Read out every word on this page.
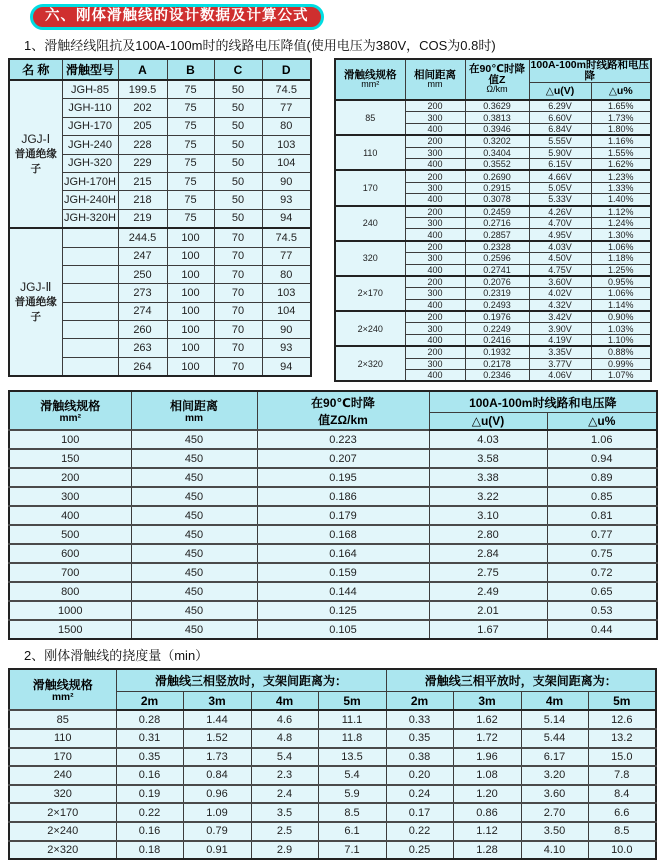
六、刚体滑触线的设计数据及计算公式
1、滑触经线阻抗及100A-100m时的线路电压降值(使用电压为380V，COS为0.8时)
名 称	滑触型号	A	B	C	D

JGJ-Ⅰ
普通绝缘子	JGH-85	199.5	75	50	74.5
	JGH-110	202	75	50	77
	JGH-170	205	75	50	80
	JGH-240	228	75	50	103
	JGH-320	229	75	50	104
	JGH-170H	215	75	50	90
	JGH-240H	218	75	50	93
	JGH-320H	219	75	50	94

JGJ-Ⅱ
普通绝缘子		244.5	100	70	74.5
		247	100	70	77
		250	100	70	80
		273	100	70	103
		274	100	70	104
		260	100	70	90
		263	100	70	93
		264	100	70	94
滑触线规格
mm²

相间距离
mm

在90℃时降值Z
Ω/km
	100A-100m时线路和电压降
			△u(V)	△u%
85	200	0.3629	6.29V	1.65%
	300	0.3813	6.60V	1.73%
	400	0.3946	6.84V	1.80%
110	200	0.3202	5.55V	1.16%
	300	0.3404	5.90V	1.55%
	400	0.3552	6.15V	1.62%
170	200	0.2690	4.66V	1.23%
	300	0.2915	5.05V	1.33%
	400	0.3078	5.33V	1.40%
240	200	0.2459	4.26V	1.12%
	300	0.2716	4.70V	1.24%
	400	0.2857	4.95V	1.30%
320	200	0.2328	4.03V	1.06%
	300	0.2596	4.50V	1.18%
	400	0.2741	4.75V	1.25%
2×170	200	0.2076	3.60V	0.95%
	300	0.2319	4.02V	1.06%
	400	0.2493	4.32V	1.14%
2×240	200	0.1976	3.42V	0.90%
	300	0.2249	3.90V	1.03%
	400	0.2416	4.19V	1.10%
2×320	200	0.1932	3.35V	0.88%
	300	0.2178	3.77V	0.99%
	400	0.2346	4.06V	1.07%
滑触线规格
mm²

相间距离
mm

在90℃时降
值ZΩ/km
	100A-100m时线路和电压降
			△u(V)	△u%
100	450	0.223	4.03	1.06
150	450	0.207	3.58	0.94
200	450	0.195	3.38	0.89
300	450	0.186	3.22	0.85
400	450	0.179	3.10	0.81
500	450	0.168	2.80	0.77
600	450	0.164	2.84	0.75
700	450	0.159	2.75	0.72
800	450	0.144	2.49	0.65
1000	450	0.125	2.01	0.53
1500	450	0.105	1.67	0.44
2、刚体滑触线的挠度量（min）
滑触线规格
mm²	滑触线三相竖放时，支架间距离为：				滑触线三相平放时，支架间距离为：			
	2m	3m	4m	5m	2m	3m	4m	5m
85	0.28	1.44	4.6	11.1	0.33	1.62	5.14	12.6
110	0.31	1.52	4.8	11.8	0.35	1.72	5.44	13.2
170	0.35	1.73	5.4	13.5	0.38	1.96	6.17	15.0
240	0.16	0.84	2.3	5.4	0.20	1.08	3.20	7.8
320	0.19	0.96	2.4	5.9	0.24	1.20	3.60	8.4
2×170	0.22	1.09	3.5	8.5	0.17	0.86	2.70	6.6
2×240	0.16	0.79	2.5	6.1	0.22	1.12	3.50	8.5
2×320	0.18	0.91	2.9	7.1	0.25	1.28	4.10	10.0
